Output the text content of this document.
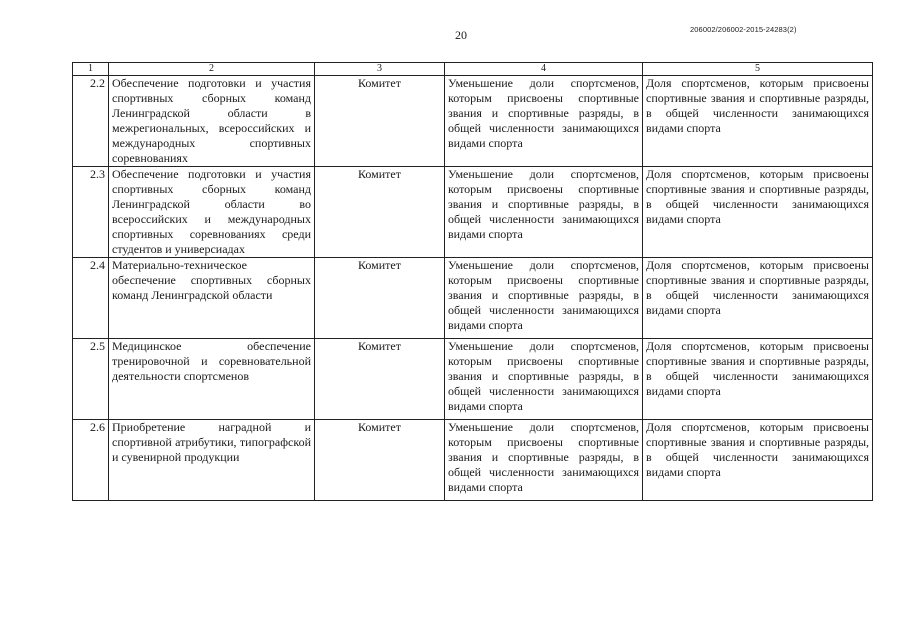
20	206002/206002-2015-24283(2)
1	2	3	4	5
2.2	Обеспечение подготовки и участия спортивных сборных команд Ленинградской области в межрегиональных, всероссийских и международных спортивных соревнованиях	Комитет	Уменьшение доли спортсменов, которым присвоены спортивные звания и спортивные разряды, в общей численности занимающихся видами спорта	Доля спортсменов, которым присвоены спортивные звания и спортивные разряды, в общей численности занимающихся видами спорта
2.3	Обеспечение подготовки и участия спортивных сборных команд Ленинградской области во всероссийских и международных спортивных соревнованиях среди студентов и универсиадах	Комитет	Уменьшение доли спортсменов, которым присвоены спортивные звания и спортивные разряды, в общей численности занимающихся видами спорта	Доля спортсменов, которым присвоены спортивные звания и спортивные разряды, в общей численности занимающихся видами спорта
2.4	Материально-техническое обеспечение спортивных сборных команд Ленинградской области	Комитет	Уменьшение доли спортсменов, которым присвоены спортивные звания и спортивные разряды, в общей численности занимающихся видами спорта	Доля спортсменов, которым присвоены спортивные звания и спортивные разряды, в общей численности занимающихся видами спорта
2.5	Медицинское обеспечение тренировочной и соревновательной деятельности спортсменов	Комитет	Уменьшение доли спортсменов, которым присвоены спортивные звания и спортивные разряды, в общей численности занимающихся видами спорта	Доля спортсменов, которым присвоены спортивные звания и спортивные разряды, в общей численности занимающихся видами спорта
2.6	Приобретение наградной и спортивной атрибутики, типографской и сувенирной продукции	Комитет	Уменьшение доли спортсменов, которым присвоены спортивные звания и спортивные разряды, в общей численности занимающихся видами спорта	Доля спортсменов, которым присвоены спортивные звания и спортивные разряды, в общей численности занимающихся видами спорта
